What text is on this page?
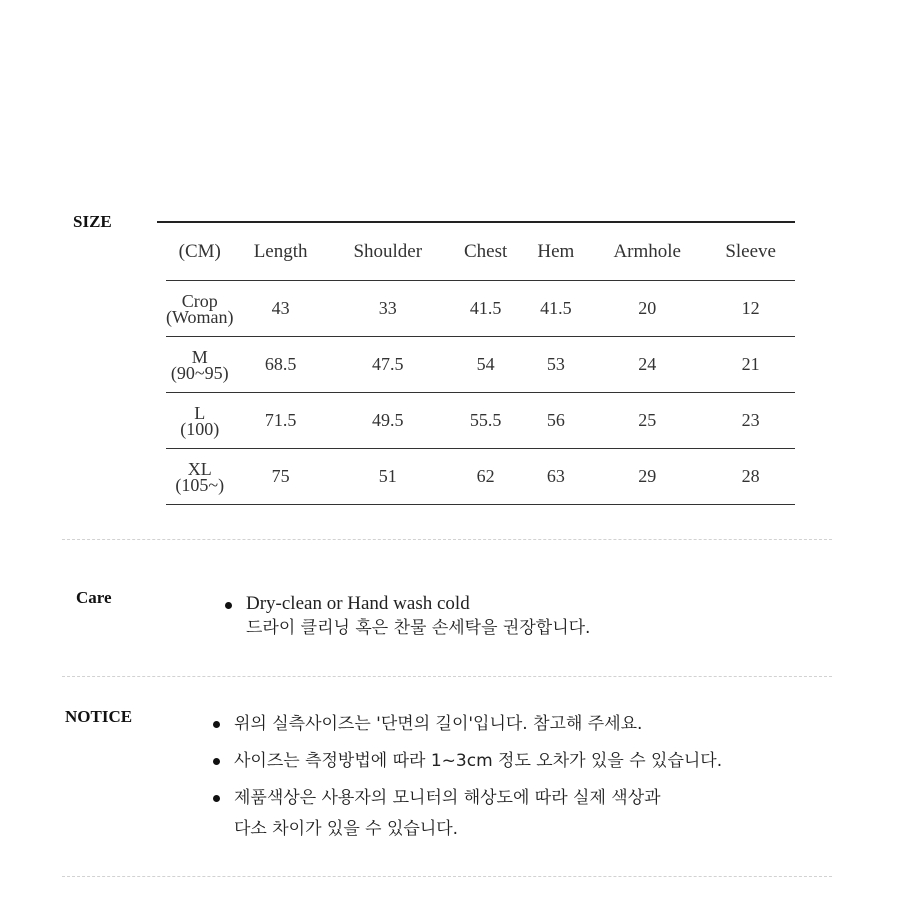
SIZE
(CM)	Length	Shoulder	Chest	Hem	Armhole	Sleeve

Crop
(Woman)	43	33	41.5	41.5	20	12

M
(90~95)	68.5	47.5	54	53	24	21

L
(100)	71.5	49.5	55.5	56	25	23

XL
(105~)	75	51	62	63	29	28
Care	Dry-clean or Hand wash cold
드라이 클리닝 혹은 찬물 손세탁을 권장합니다.
NOTICE	위의 실측사이즈는 '단면의 길이'입니다. 참고해 주세요.
사이즈는 측정방법에 따라 1~3cm 정도 오차가 있을 수 있습니다.
제품색상은 사용자의 모니터의 해상도에 따라 실제 색상과
다소 차이가 있을 수 있습니다.
